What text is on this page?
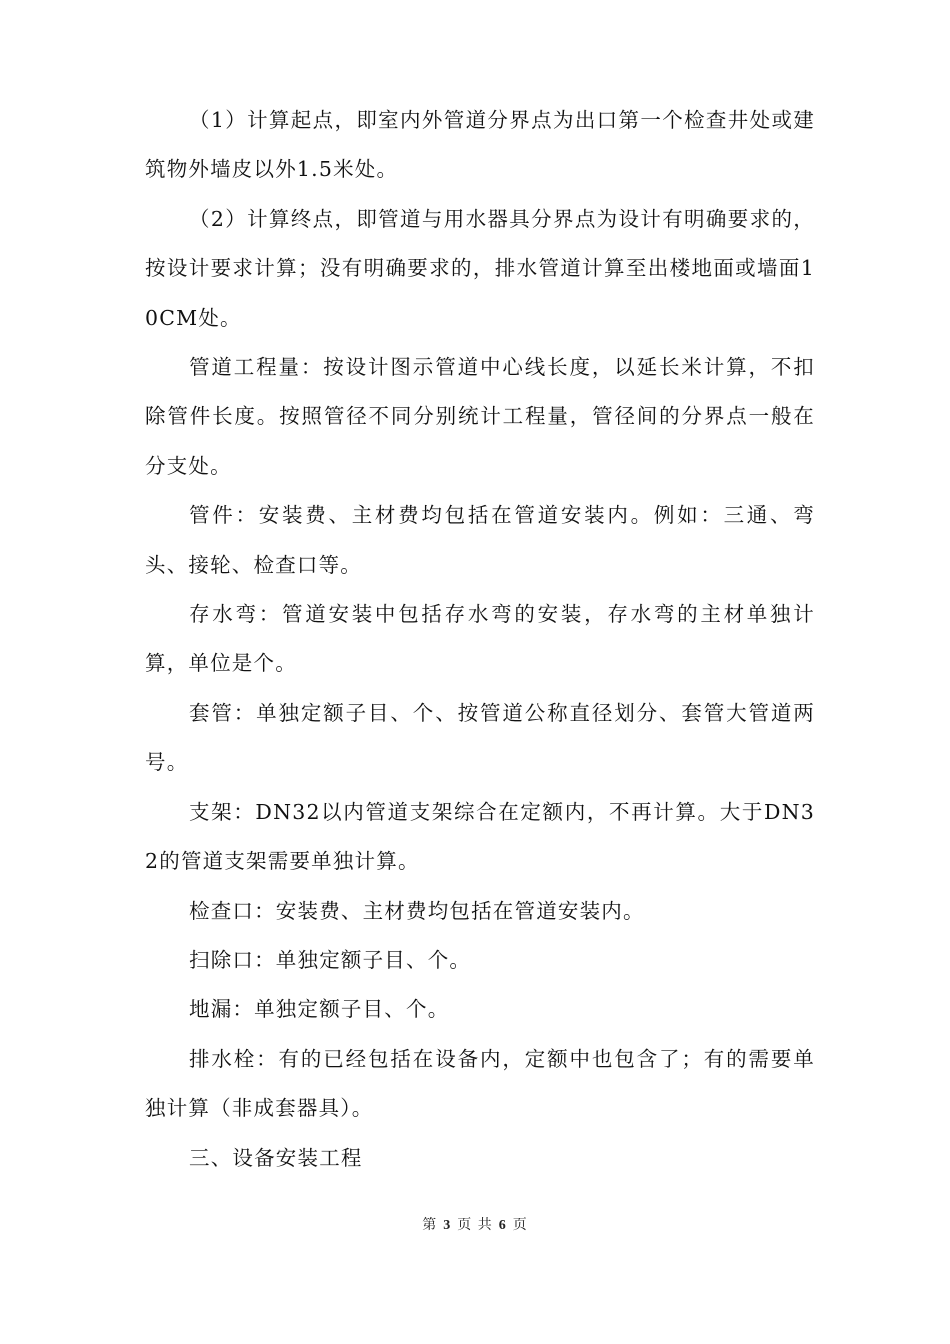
（1）计算起点，即室内外管道分界点为出口第一个检查井处或建筑物外墙皮以外1.5米处。

（2）计算终点，即管道与用水器具分界点为设计有明确要求的，按设计要求计算；没有明确要求的，排水管道计算至出楼地面或墙面10CM处。

管道工程量：按设计图示管道中心线长度，以延长米计算，不扣除管件长度。按照管径不同分别统计工程量，管径间的分界点一般在分支处。

管件：安装费、主材费均包括在管道安装内。例如：三通、弯头、接轮、检查口等。

存水弯：管道安装中包括存水弯的安装，存水弯的主材单独计算，单位是个。

套管：单独定额子目、个、按管道公称直径划分、套管大管道两号。

支架：DN32以内管道支架综合在定额内，不再计算。大于DN32的管道支架需要单独计算。

检查口：安装费、主材费均包括在管道安装内。

扫除口：单独定额子目、个。

地漏：单独定额子目、个。

排水栓：有的已经包括在设备内，定额中也包含了；有的需要单独计算（非成套器具）。

三、设备安装工程

第 3 页 共 6 页
